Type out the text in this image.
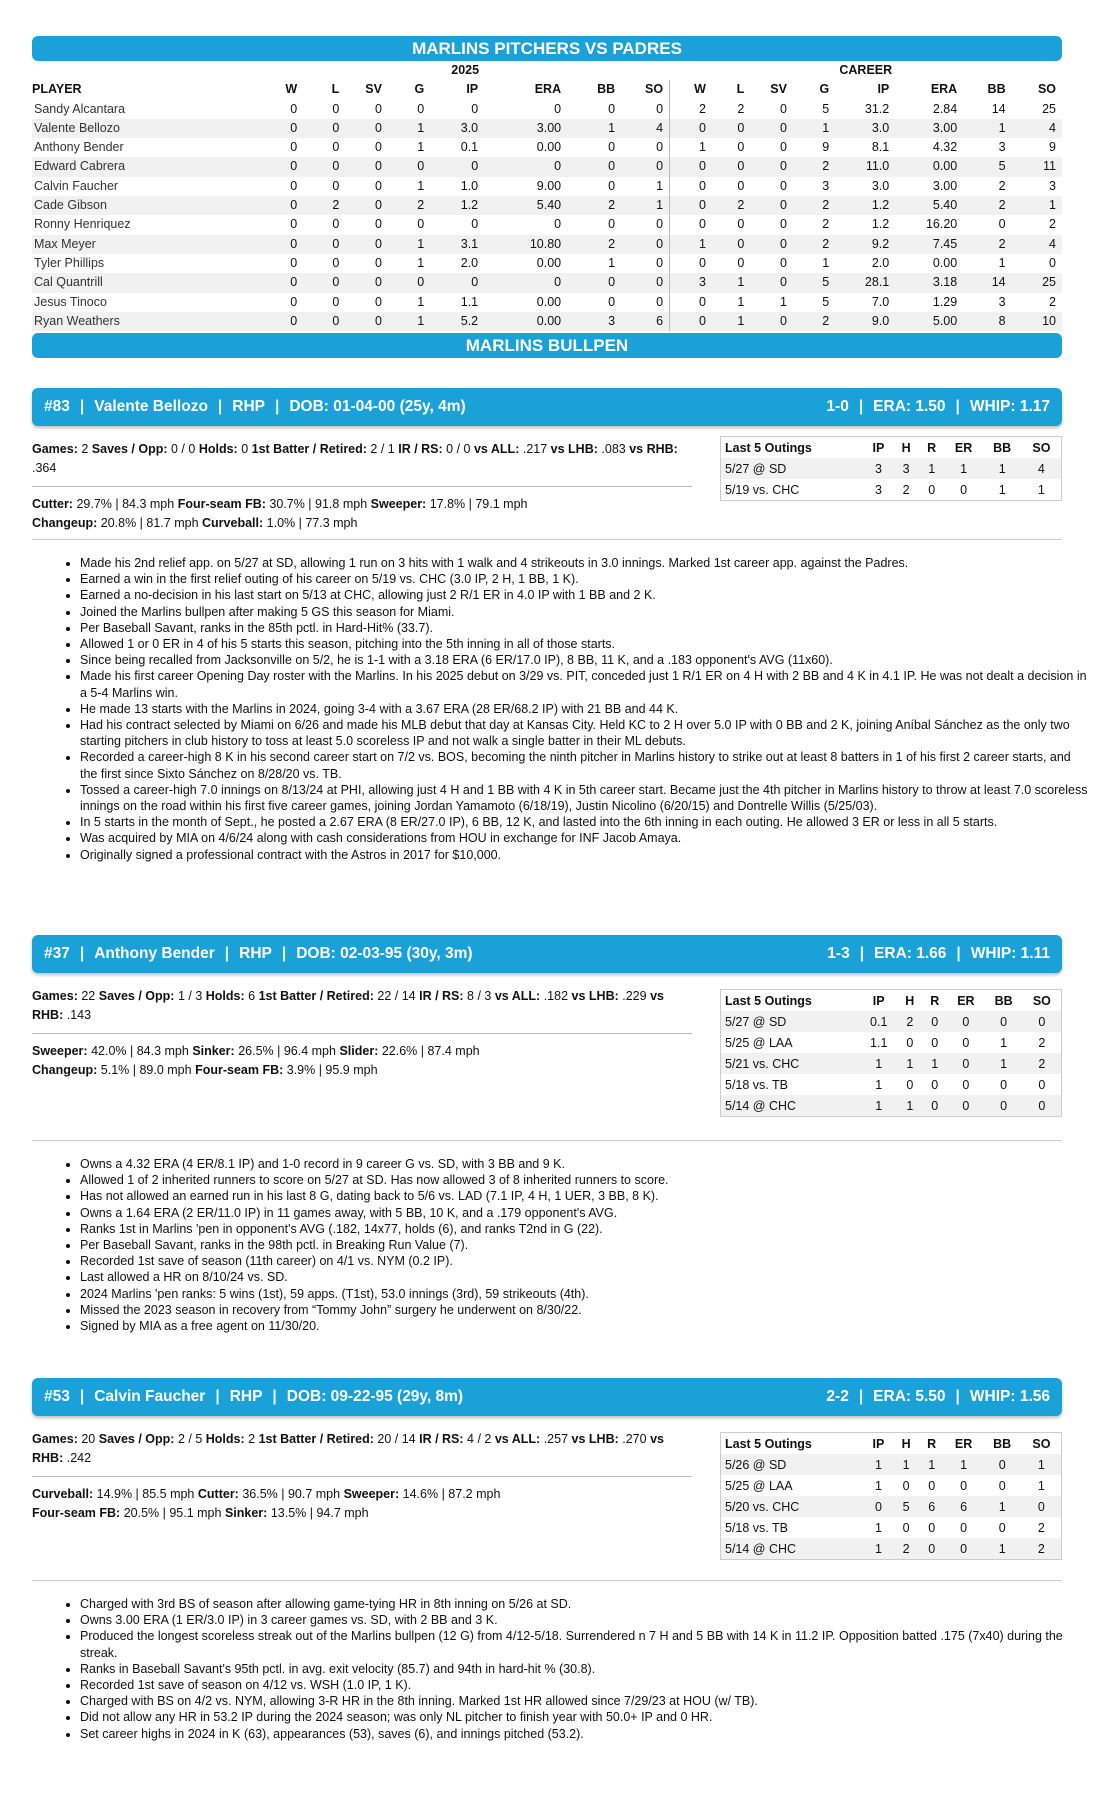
MARLINS PITCHERS VS PADRES
	2025								CAREER							
PLAYER	W	L	SV	G	IP	ERA	BB	SO	W	L	SV	G	IP	ERA	BB	SO
Sandy Alcantara	0	0	0	0	0	0	0	0	2	2	0	5	31.2	2.84	14	25
Valente Bellozo	0	0	0	1	3.0	3.00	1	4	0	0	0	1	3.0	3.00	1	4
Anthony Bender	0	0	0	1	0.1	0.00	0	0	1	0	0	9	8.1	4.32	3	9
Edward Cabrera	0	0	0	0	0	0	0	0	0	0	0	2	11.0	0.00	5	11
Calvin Faucher	0	0	0	1	1.0	9.00	0	1	0	0	0	3	3.0	3.00	2	3
Cade Gibson	0	2	0	2	1.2	5.40	2	1	0	2	0	2	1.2	5.40	2	1
Ronny Henriquez	0	0	0	0	0	0	0	0	0	0	0	2	1.2	16.20	0	2
Max Meyer	0	0	0	1	3.1	10.80	2	0	1	0	0	2	9.2	7.45	2	4
Tyler Phillips	0	0	0	1	2.0	0.00	1	0	0	0	0	1	2.0	0.00	1	0
Cal Quantrill	0	0	0	0	0	0	0	0	3	1	0	5	28.1	3.18	14	25
Jesus Tinoco	0	0	0	1	1.1	0.00	0	0	0	1	1	5	7.0	1.29	3	2
Ryan Weathers	0	0	0	1	5.2	0.00	3	6	0	1	0	2	9.0	5.00	8	10
MARLINS BULLPEN
#83 | Valente Bellozo | RHP | DOB: 01-04-00 (25y, 4m)	1-0 | ERA: 1.50 | WHIP: 1.17
Games: 2 Saves / Opp: 0 / 0 Holds: 0 1st Batter / Retired: 2 / 1 IR / RS: 0 / 0 vs ALL: .217 vs LHB: .083 vs RHB: .364
Cutter: 29.7% | 84.3 mph Four-seam FB: 30.7% | 91.8 mph Sweeper: 17.8% | 79.1 mph
Changeup: 20.8% | 81.7 mph Curveball: 1.0% | 77.3 mph
Last 5 Outings	IP	H	R	ER	BB	SO
5/27 @ SD	3	3	1	1	1	4
5/19 vs. CHC	3	2	0	0	1	1
• Made his 2nd relief app. on 5/27 at SD, allowing 1 run on 3 hits with 1 walk and 4 strikeouts in 3.0 innings. Marked 1st career app. against the Padres.
• Earned a win in the first relief outing of his career on 5/19 vs. CHC (3.0 IP, 2 H, 1 BB, 1 K).
• Earned a no-decision in his last start on 5/13 at CHC, allowing just 2 R/1 ER in 4.0 IP with 1 BB and 2 K.
• Joined the Marlins bullpen after making 5 GS this season for Miami.
• Per Baseball Savant, ranks in the 85th pctl. in Hard-Hit% (33.7).
• Allowed 1 or 0 ER in 4 of his 5 starts this season, pitching into the 5th inning in all of those starts.
• Since being recalled from Jacksonville on 5/2, he is 1-1 with a 3.18 ERA (6 ER/17.0 IP), 8 BB, 11 K, and a .183 opponent's AVG (11x60).
• Made his first career Opening Day roster with the Marlins. In his 2025 debut on 3/29 vs. PIT, conceded just 1 R/1 ER on 4 H with 2 BB and 4 K in 4.1 IP. He was not dealt a decision in a 5-4 Marlins win.
• He made 13 starts with the Marlins in 2024, going 3-4 with a 3.67 ERA (28 ER/68.2 IP) with 21 BB and 44 K.
• Had his contract selected by Miami on 6/26 and made his MLB debut that day at Kansas City. Held KC to 2 H over 5.0 IP with 0 BB and 2 K, joining Aníbal Sánchez as the only two starting pitchers in club history to toss at least 5.0 scoreless IP and not walk a single batter in their ML debuts.
• Recorded a career-high 8 K in his second career start on 7/2 vs. BOS, becoming the ninth pitcher in Marlins history to strike out at least 8 batters in 1 of his first 2 career starts, and the first since Sixto Sánchez on 8/28/20 vs. TB.
• Tossed a career-high 7.0 innings on 8/13/24 at PHI, allowing just 4 H and 1 BB with 4 K in 5th career start. Became just the 4th pitcher in Marlins history to throw at least 7.0 scoreless innings on the road within his first five career games, joining Jordan Yamamoto (6/18/19), Justin Nicolino (6/20/15) and Dontrelle Willis (5/25/03).
• In 5 starts in the month of Sept., he posted a 2.67 ERA (8 ER/27.0 IP), 6 BB, 12 K, and lasted into the 6th inning in each outing. He allowed 3 ER or less in all 5 starts.
• Was acquired by MIA on 4/6/24 along with cash considerations from HOU in exchange for INF Jacob Amaya.
• Originally signed a professional contract with the Astros in 2017 for $10,000.
#37 | Anthony Bender | RHP | DOB: 02-03-95 (30y, 3m)	1-3 | ERA: 1.66 | WHIP: 1.11
Games: 22 Saves / Opp: 1 / 3 Holds: 6 1st Batter / Retired: 22 / 14 IR / RS: 8 / 3 vs ALL: .182 vs LHB: .229 vs RHB: .143
Sweeper: 42.0% | 84.3 mph Sinker: 26.5% | 96.4 mph Slider: 22.6% | 87.4 mph
Changeup: 5.1% | 89.0 mph Four-seam FB: 3.9% | 95.9 mph
Last 5 Outings	IP	H	R	ER	BB	SO
5/27 @ SD	0.1	2	0	0	0	0
5/25 @ LAA	1.1	0	0	0	1	2
5/21 vs. CHC	1	1	1	0	1	2
5/18 vs. TB	1	0	0	0	0	0
5/14 @ CHC	1	1	0	0	0	0
• Owns a 4.32 ERA (4 ER/8.1 IP) and 1-0 record in 9 career G vs. SD, with 3 BB and 9 K.
• Allowed 1 of 2 inherited runners to score on 5/27 at SD. Has now allowed 3 of 8 inherited runners to score.
• Has not allowed an earned run in his last 8 G, dating back to 5/6 vs. LAD (7.1 IP, 4 H, 1 UER, 3 BB, 8 K).
• Owns a 1.64 ERA (2 ER/11.0 IP) in 11 games away, with 5 BB, 10 K, and a .179 opponent's AVG.
• Ranks 1st in Marlins 'pen in opponent's AVG (.182, 14x77, holds (6), and ranks T2nd in G (22).
• Per Baseball Savant, ranks in the 98th pctl. in Breaking Run Value (7).
• Recorded 1st save of season (11th career) on 4/1 vs. NYM (0.2 IP).
• Last allowed a HR on 8/10/24 vs. SD.
• 2024 Marlins 'pen ranks: 5 wins (1st), 59 apps. (T1st), 53.0 innings (3rd), 59 strikeouts (4th).
• Missed the 2023 season in recovery from “Tommy John” surgery he underwent on 8/30/22.
• Signed by MIA as a free agent on 11/30/20.
#53 | Calvin Faucher | RHP | DOB: 09-22-95 (29y, 8m)	2-2 | ERA: 5.50 | WHIP: 1.56
Games: 20 Saves / Opp: 2 / 5 Holds: 2 1st Batter / Retired: 20 / 14 IR / RS: 4 / 2 vs ALL: .257 vs LHB: .270 vs RHB: .242
Curveball: 14.9% | 85.5 mph Cutter: 36.5% | 90.7 mph Sweeper: 14.6% | 87.2 mph
Four-seam FB: 20.5% | 95.1 mph Sinker: 13.5% | 94.7 mph
Last 5 Outings	IP	H	R	ER	BB	SO
5/26 @ SD	1	1	1	1	0	1
5/25 @ LAA	1	0	0	0	0	1
5/20 vs. CHC	0	5	6	6	1	0
5/18 vs. TB	1	0	0	0	0	2
5/14 @ CHC	1	2	0	0	1	2
• Charged with 3rd BS of season after allowing game-tying HR in 8th inning on 5/26 at SD.
• Owns 3.00 ERA (1 ER/3.0 IP) in 3 career games vs. SD, with 2 BB and 3 K.
• Produced the longest scoreless streak out of the Marlins bullpen (12 G) from 4/12-5/18. Surrendered n 7 H and 5 BB with 14 K in 11.2 IP. Opposition batted .175 (7x40) during the streak.
• Ranks in Baseball Savant's 95th pctl. in avg. exit velocity (85.7) and 94th in hard-hit % (30.8).
• Recorded 1st save of season on 4/12 vs. WSH (1.0 IP, 1 K).
• Charged with BS on 4/2 vs. NYM, allowing 3-R HR in the 8th inning. Marked 1st HR allowed since 7/29/23 at HOU (w/ TB).
• Did not allow any HR in 53.2 IP during the 2024 season; was only NL pitcher to finish year with 50.0+ IP and 0 HR.
• Set career highs in 2024 in K (63), appearances (53), saves (6), and innings pitched (53.2).
